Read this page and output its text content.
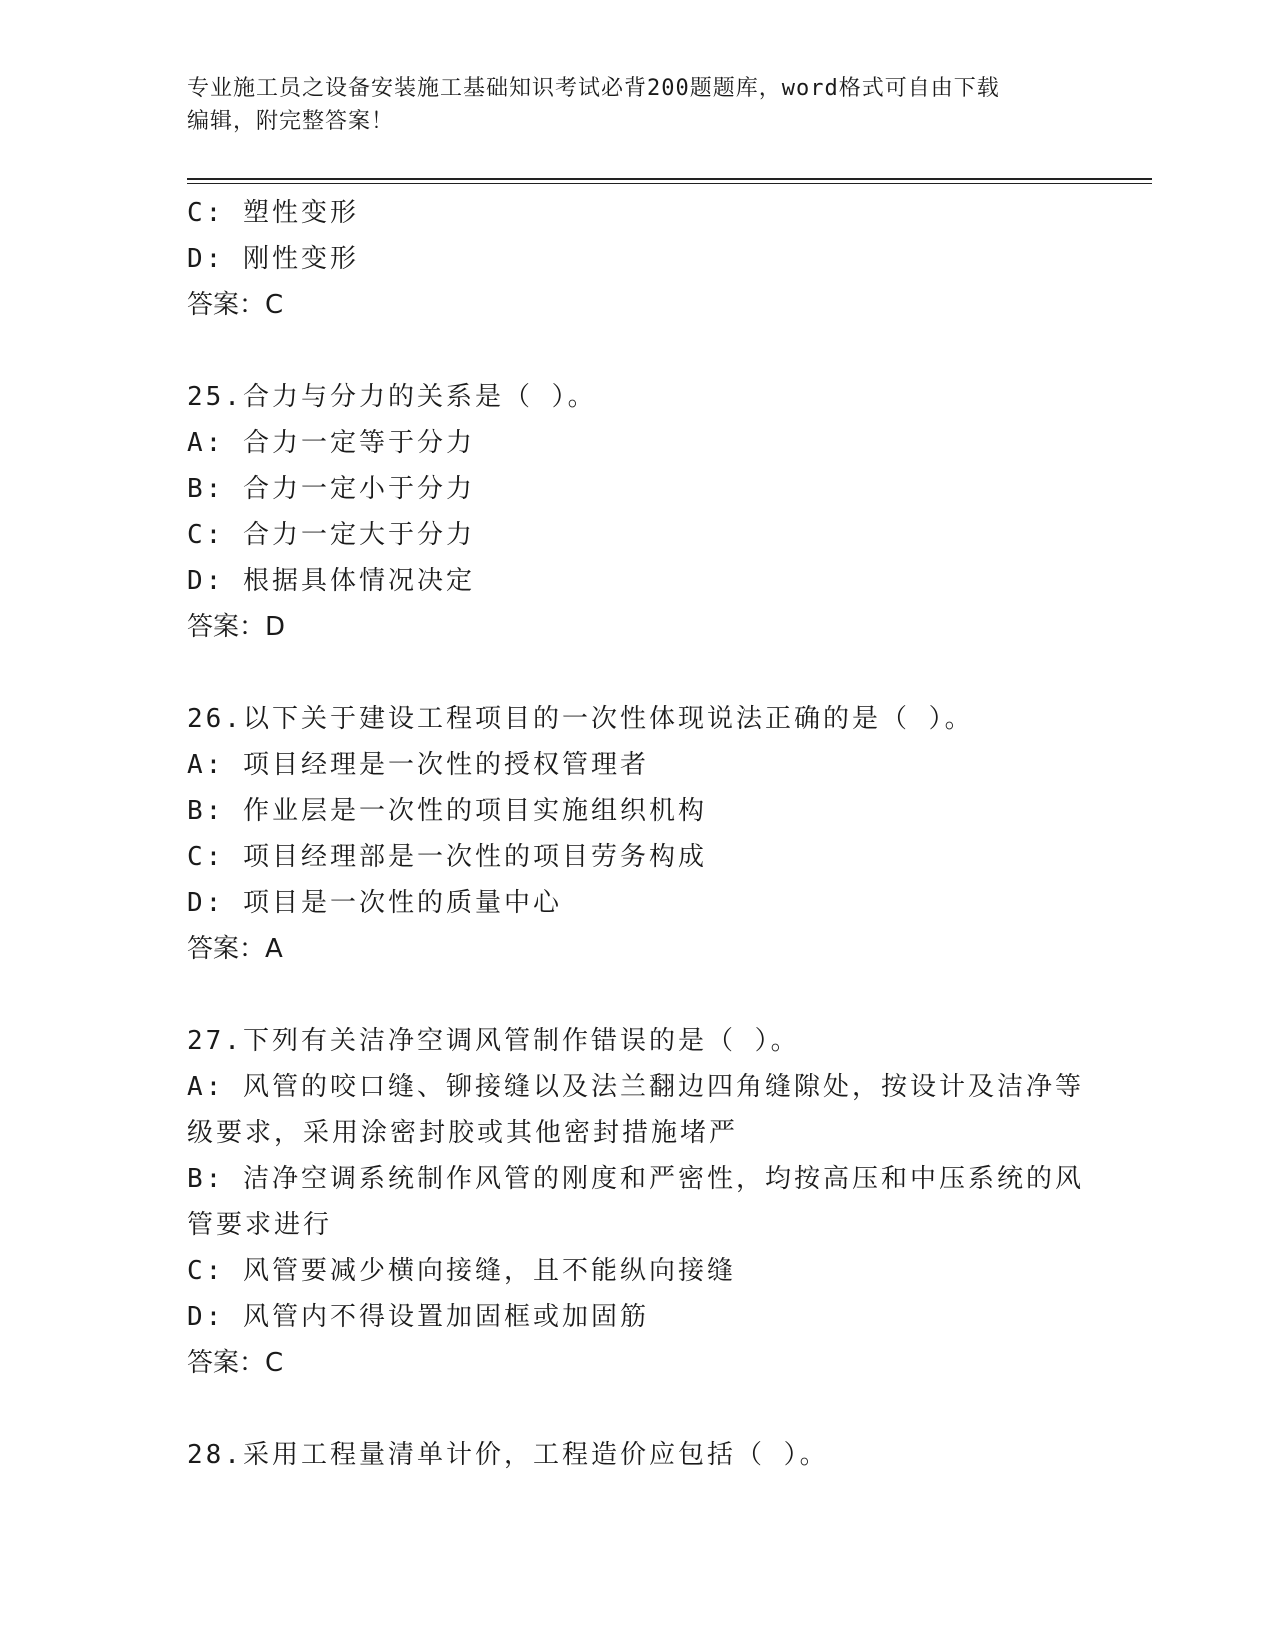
专业施工员之设备安装施工基础知识考试必背200题题库，word格式可自由下载
编辑，附完整答案！
C: 塑性变形
D: 刚性变形
答案：C
25.合力与分力的关系是（ ）。
A: 合力一定等于分力
B: 合力一定小于分力
C: 合力一定大于分力
D: 根据具体情况决定
答案：D
26.以下关于建设工程项目的一次性体现说法正确的是（ ）。
A: 项目经理是一次性的授权管理者
B: 作业层是一次性的项目实施组织机构
C: 项目经理部是一次性的项目劳务构成
D: 项目是一次性的质量中心
答案：A
27.下列有关洁净空调风管制作错误的是（ ）。
A: 风管的咬口缝、铆接缝以及法兰翻边四角缝隙处，按设计及洁净等
级要求，采用涂密封胶或其他密封措施堵严
B: 洁净空调系统制作风管的刚度和严密性，均按高压和中压系统的风
管要求进行
C: 风管要减少横向接缝，且不能纵向接缝
D: 风管内不得设置加固框或加固筋
答案：C
28.采用工程量清单计价，工程造价应包括（ ）。
